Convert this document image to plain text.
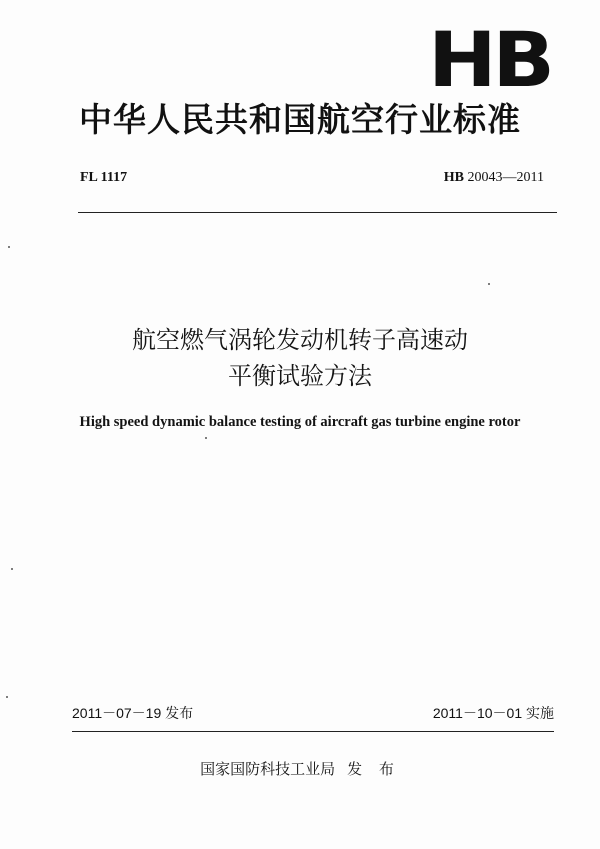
HB
中华人民共和国航空行业标准
FL 1117	HB 20043—2011
航空燃气涡轮发动机转子高速动
平衡试验方法
High speed dynamic balance testing of aircraft gas turbine engine rotor
2011－07－19 发布	2011－10－01 实施
国家国防科技工业局 发 布
